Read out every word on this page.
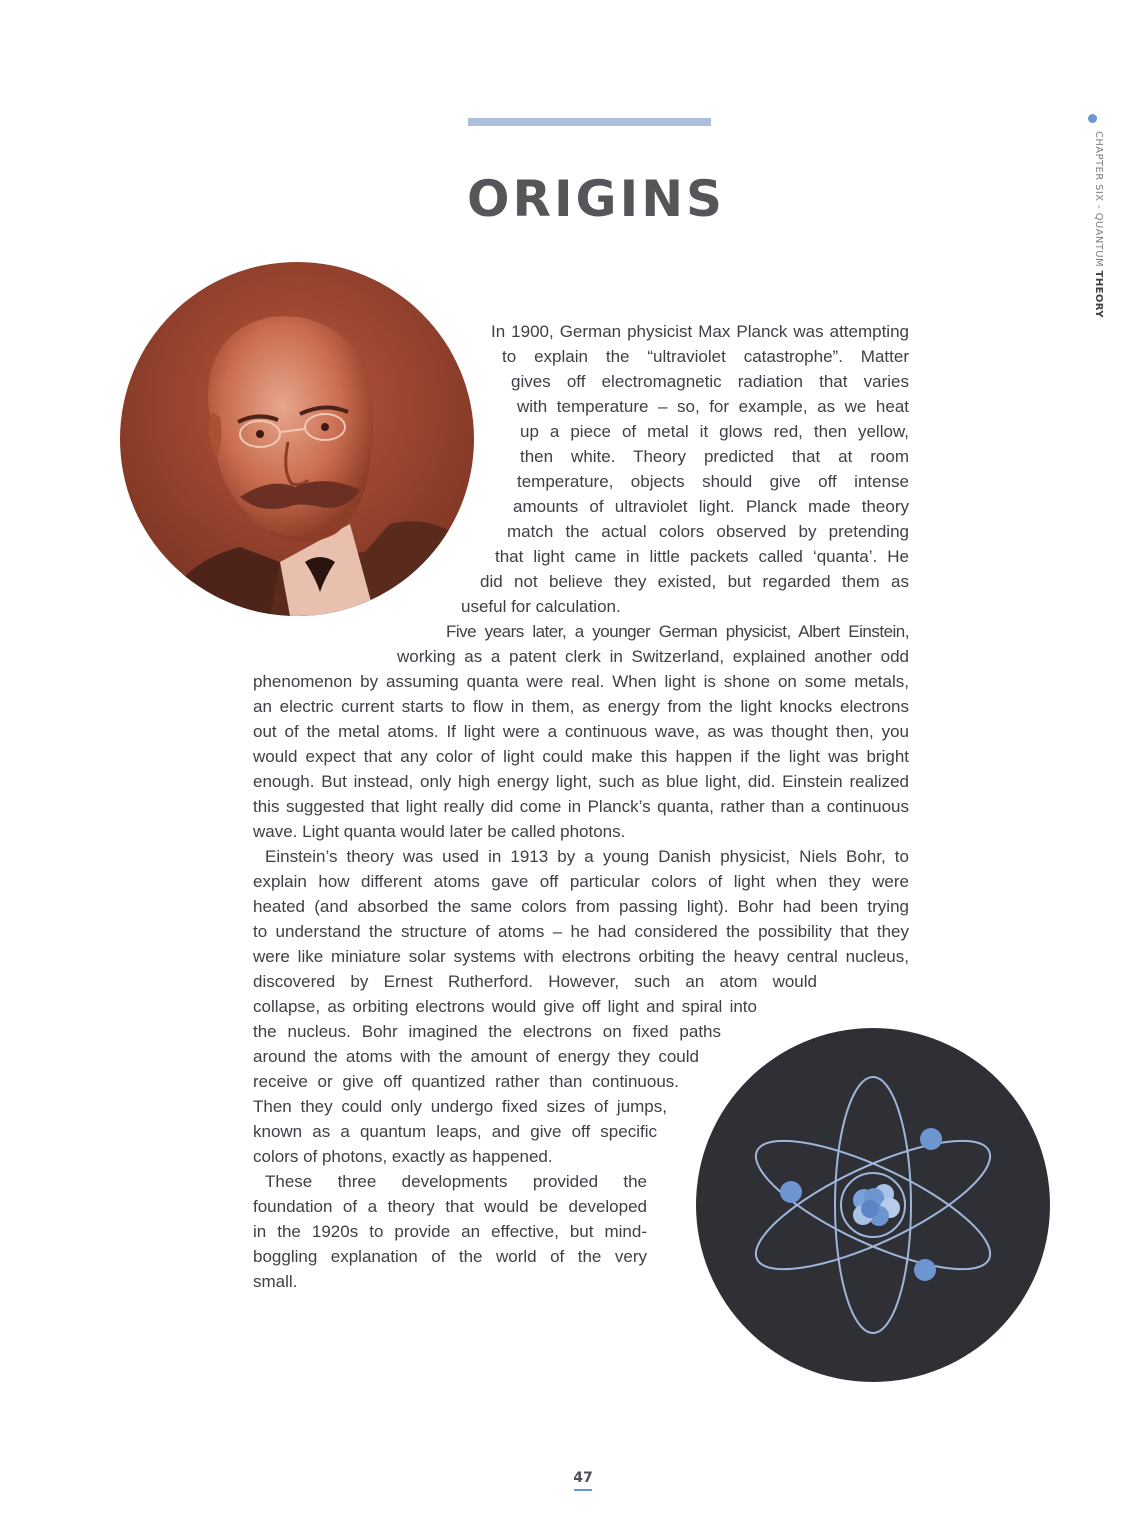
ORIGINS	CHAPTER SIX - QUANTUM THEORY
In 1900, German physicist Max Planck was attempting
to explain the “ultraviolet catastrophe”. Matter
gives off electromagnetic radiation that varies
with temperature – so, for example, as we heat
up a piece of metal it glows red, then yellow,
then white. Theory predicted that at room
temperature, objects should give off intense
amounts of ultraviolet light. Planck made theory
match the actual colors observed by pretending
that light came in little packets called ‘quanta’. He
did not believe they existed, but regarded them as
useful for calculation.
Five years later, a younger German physicist, Albert Einstein,
working as a patent clerk in Switzerland, explained another odd
phenomenon by assuming quanta were real. When light is shone on some metals,
an electric current starts to flow in them, as energy from the light knocks electrons
out of the metal atoms. If light were a continuous wave, as was thought then, you
would expect that any color of light could make this happen if the light was bright
enough. But instead, only high energy light, such as blue light, did. Einstein realized
this suggested that light really did come in Planck’s quanta, rather than a continuous
wave. Light quanta would later be called photons.
Einstein’s theory was used in 1913 by a young Danish physicist, Niels Bohr, to
explain how different atoms gave off particular colors of light when they were
heated (and absorbed the same colors from passing light). Bohr had been trying
to understand the structure of atoms – he had considered the possibility that they
were like miniature solar systems with electrons orbiting the heavy central nucleus,
discovered by Ernest Rutherford. However, such an atom would
collapse, as orbiting electrons would give off light and spiral into
the nucleus. Bohr imagined the electrons on fixed paths
around the atoms with the amount of energy they could
receive or give off quantized rather than continuous.
Then they could only undergo fixed sizes of jumps,
known as a quantum leaps, and give off specific
colors of photons, exactly as happened.
These three developments provided the
foundation of a theory that would be developed
in the 1920s to provide an effective, but mind-
boggling explanation of the world of the very
small.
47
